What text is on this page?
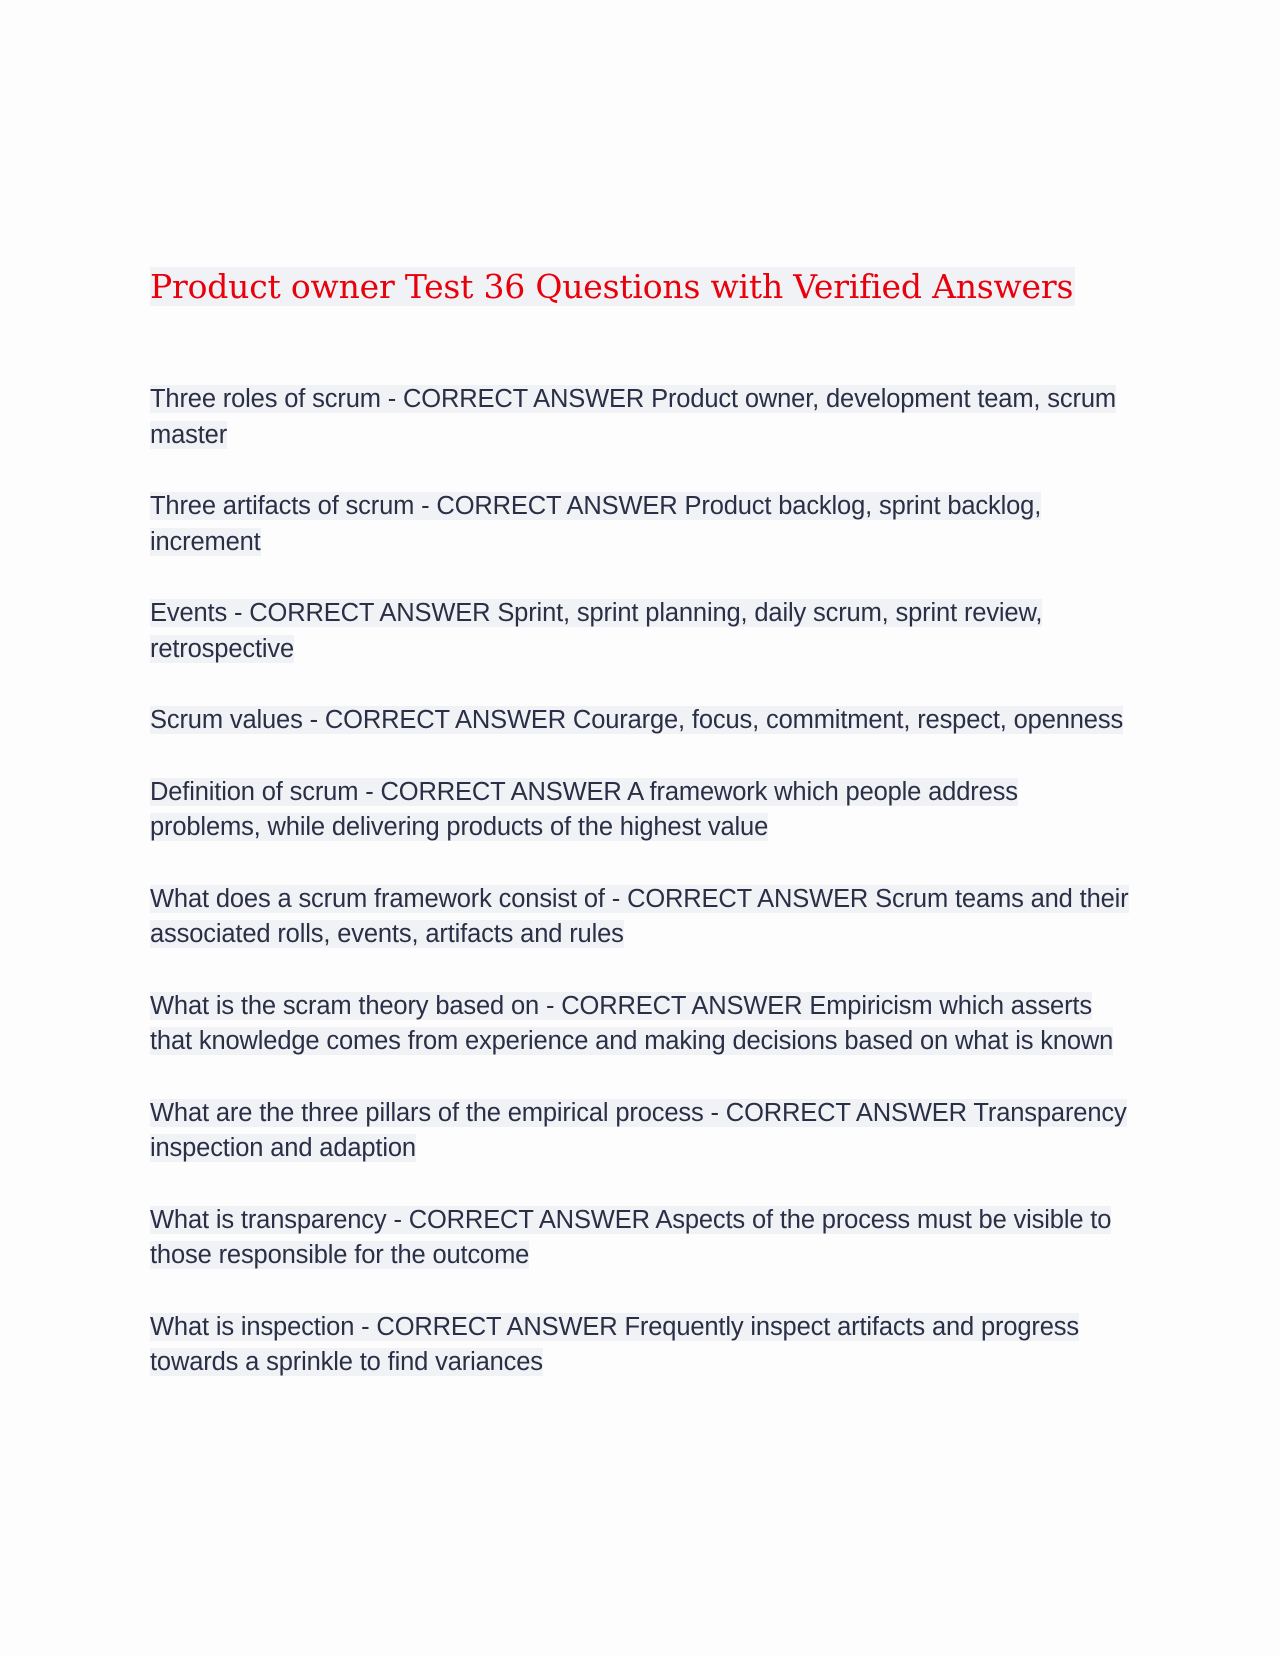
Product owner Test 36 Questions with Verified Answers
Three roles of scrum - CORRECT ANSWER Product owner, development team, scrum master
Three artifacts of scrum - CORRECT ANSWER Product backlog, sprint backlog, increment
Events - CORRECT ANSWER Sprint, sprint planning, daily scrum, sprint review, retrospective
Scrum values - CORRECT ANSWER Courarge, focus, commitment, respect, openness
Definition of scrum - CORRECT ANSWER A framework which people address problems, while delivering products of the highest value
What does a scrum framework consist of - CORRECT ANSWER Scrum teams and their associated rolls, events, artifacts and rules
What is the scram theory based on - CORRECT ANSWER Empiricism which asserts that knowledge comes from experience and making decisions based on what is known
What are the three pillars of the empirical process - CORRECT ANSWER Transparency inspection and adaption
What is transparency - CORRECT ANSWER Aspects of the process must be visible to those responsible for the outcome
What is inspection - CORRECT ANSWER Frequently inspect artifacts and progress towards a sprinkle to find variances
